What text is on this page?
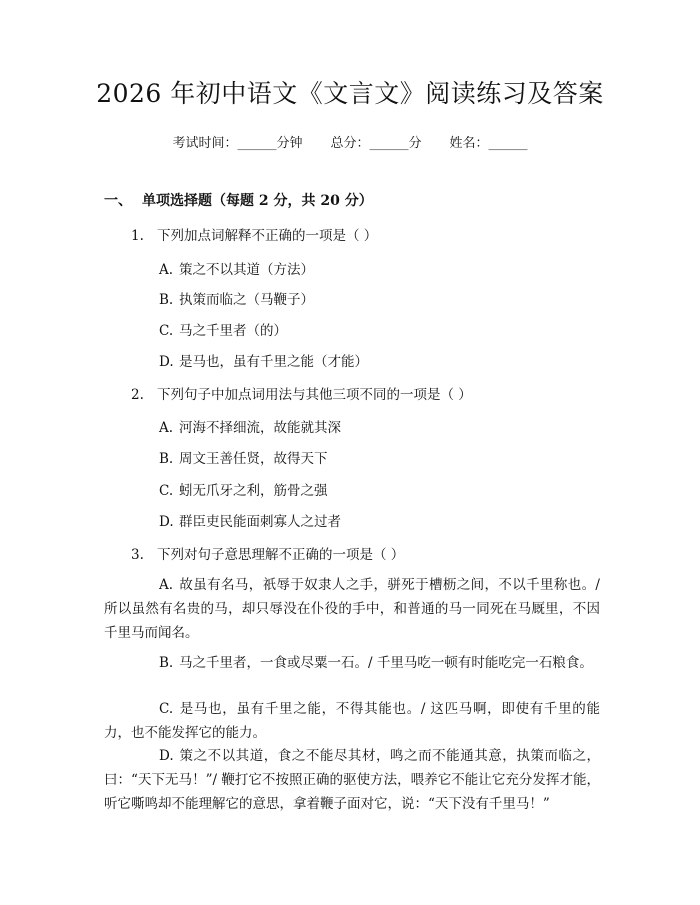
2026 年初中语文《文言文》阅读练习及答案
考试时间：______分钟 总分：______分 姓名：______
一、 单项选择题（每题 2 分，共 20 分）
1. 下列加点词解释不正确的一项是（ ）
A. 策之不以其道（方法）
B. 执策而临之（马鞭子）
C. 马之千里者（的）
D. 是马也，虽有千里之能（才能）
2. 下列句子中加点词用法与其他三项不同的一项是（ ）
A. 河海不择细流，故能就其深
B. 周文王善任贤，故得天下
C. 蚓无爪牙之利，筋骨之强
D. 群臣吏民能面刺寡人之过者
3. 下列对句子意思理解不正确的一项是（ ）
A. 故虽有名马，祇辱于奴隶人之手，骈死于槽枥之间，不以千里称也。/ 所以虽然有名贵的马，却只辱没在仆役的手中，和普通的马一同死在马厩里，不因千里马而闻名。
B. 马之千里者，一食或尽粟一石。/ 千里马吃一顿有时能吃完一石粮食。
C. 是马也，虽有千里之能，不得其能也。/ 这匹马啊，即使有千里的能力，也不能发挥它的能力。
D. 策之不以其道，食之不能尽其材，鸣之而不能通其意，执策而临之，曰：“天下无马！”/ 鞭打它不按照正确的驱使方法，喂养它不能让它充分发挥才能，听它嘶鸣却不能理解它的意思，拿着鞭子面对它，说：“天下没有千里马！”
